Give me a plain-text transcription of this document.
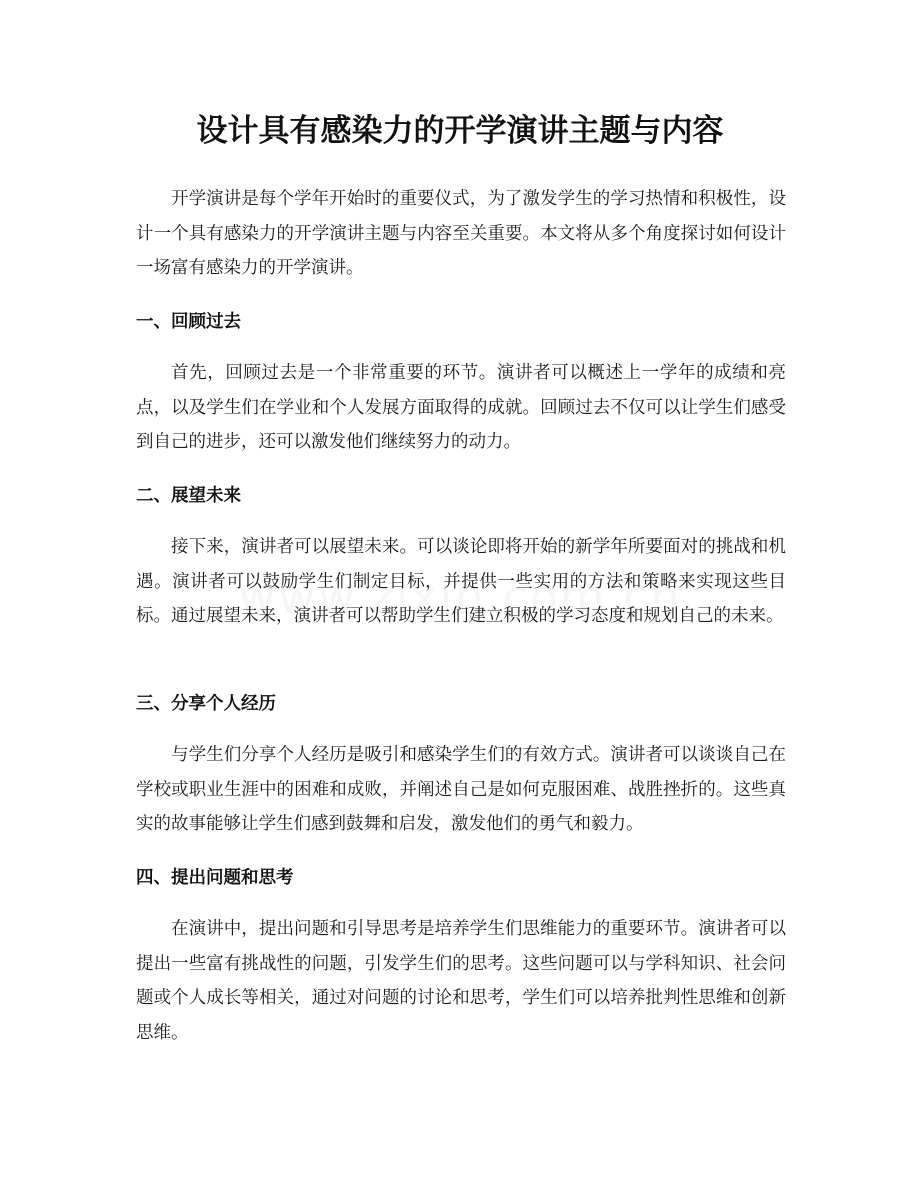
设计具有感染力的开学演讲主题与内容

开学演讲是每个学年开始时的重要仪式，为了激发学生的学习热情和积极性，设计一个具有感染力的开学演讲主题与内容至关重要。本文将从多个角度探讨如何设计一场富有感染力的开学演讲。

一、回顾过去

首先，回顾过去是一个非常重要的环节。演讲者可以概述上一学年的成绩和亮点，以及学生们在学业和个人发展方面取得的成就。回顾过去不仅可以让学生们感受到自己的进步，还可以激发他们继续努力的动力。

二、展望未来

接下来，演讲者可以展望未来。可以谈论即将开始的新学年所要面对的挑战和机遇。演讲者可以鼓励学生们制定目标，并提供一些实用的方法和策略来实现这些目标。通过展望未来，演讲者可以帮助学生们建立积极的学习态度和规划自己的未来。

三、分享个人经历

与学生们分享个人经历是吸引和感染学生们的有效方式。演讲者可以谈谈自己在学校或职业生涯中的困难和成败，并阐述自己是如何克服困难、战胜挫折的。这些真实的故事能够让学生们感到鼓舞和启发，激发他们的勇气和毅力。

四、提出问题和思考

在演讲中，提出问题和引导思考是培养学生们思维能力的重要环节。演讲者可以提出一些富有挑战性的问题，引发学生们的思考。这些问题可以与学科知识、社会问题或个人成长等相关，通过对问题的讨论和思考，学生们可以培养批判性思维和创新思维。
